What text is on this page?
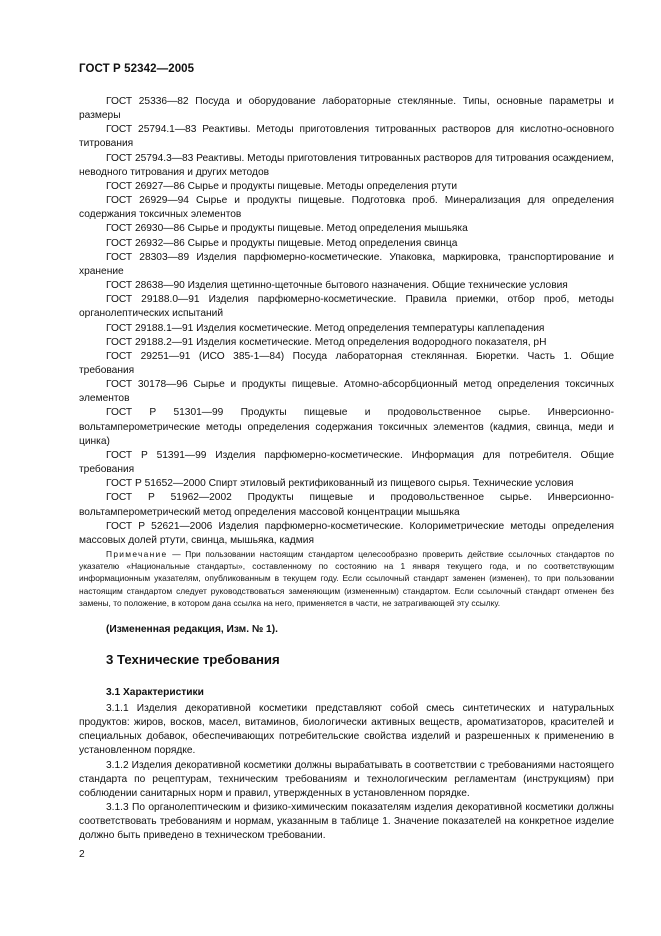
ГОСТ Р 52342—2005

ГОСТ 25336—82 Посуда и оборудование лабораторные стеклянные. Типы, основные параметры и размеры

ГОСТ 25794.1—83 Реактивы. Методы приготовления титрованных растворов для кислотно-основного титрования

ГОСТ 25794.3—83 Реактивы. Методы приготовления титрованных растворов для титрования осаждением, неводного титрования и других методов

ГОСТ 26927—86 Сырье и продукты пищевые. Методы определения ртути

ГОСТ 26929—94 Сырье и продукты пищевые. Подготовка проб. Минерализация для определения содержания токсичных элементов

ГОСТ 26930—86 Сырье и продукты пищевые. Метод определения мышьяка

ГОСТ 26932—86 Сырье и продукты пищевые. Метод определения свинца

ГОСТ 28303—89 Изделия парфюмерно-косметические. Упаковка, маркировка, транспортирование и хранение

ГОСТ 28638—90 Изделия щетинно-щеточные бытового назначения. Общие технические условия

ГОСТ 29188.0—91 Изделия парфюмерно-косметические. Правила приемки, отбор проб, методы органолептических испытаний

ГОСТ 29188.1—91 Изделия косметические. Метод определения температуры каплепадения

ГОСТ 29188.2—91 Изделия косметические. Метод определения водородного показателя, pH

ГОСТ 29251—91 (ИСО 385-1—84) Посуда лабораторная стеклянная. Бюретки. Часть 1. Общие требования

ГОСТ 30178—96 Сырье и продукты пищевые. Атомно-абсорбционный метод определения токсичных элементов

ГОСТ Р 51301—99 Продукты пищевые и продовольственное сырье. Инверсионно-вольтамперометрические методы определения содержания токсичных элементов (кадмия, свинца, меди и цинка)

ГОСТ Р 51391—99 Изделия парфюмерно-косметические. Информация для потребителя. Общие требования

ГОСТ Р 51652—2000 Спирт этиловый ректификованный из пищевого сырья. Технические условия

ГОСТ Р 51962—2002 Продукты пищевые и продовольственное сырье. Инверсионно-вольтамперометрический метод определения массовой концентрации мышьяка

ГОСТ Р 52621—2006 Изделия парфюмерно-косметические. Колориметрические методы определения массовых долей ртути, свинца, мышьяка, кадмия

Примечание — При пользовании настоящим стандартом целесообразно проверить действие ссылочных стандартов по указателю «Национальные стандарты», составленному по состоянию на 1 января текущего года, и по соответствующим информационным указателям, опубликованным в текущем году. Если ссылочный стандарт заменен (изменен), то при пользовании настоящим стандартом следует руководствоваться заменяющим (измененным) стандартом. Если ссылочный стандарт отменен без замены, то положение, в котором дана ссылка на него, применяется в части, не затрагивающей эту ссылку.

(Измененная редакция, Изм. № 1).
3 Технические требования
3.1 Характеристики

3.1.1 Изделия декоративной косметики представляют собой смесь синтетических и натуральных продуктов: жиров, восков, масел, витаминов, биологически активных веществ, ароматизаторов, красителей и специальных добавок, обеспечивающих потребительские свойства изделий и разрешенных к применению в установленном порядке.

3.1.2 Изделия декоративной косметики должны вырабатывать в соответствии с требованиями настоящего стандарта по рецептурам, техническим требованиям и технологическим регламентам (инструкциям) при соблюдении санитарных норм и правил, утвержденных в установленном порядке.

3.1.3 По органолептическим и физико-химическим показателям изделия декоративной косметики должны соответствовать требованиям и нормам, указанным в таблице 1. Значение показателей на конкретное изделие должно быть приведено в техническом требовании.

2
